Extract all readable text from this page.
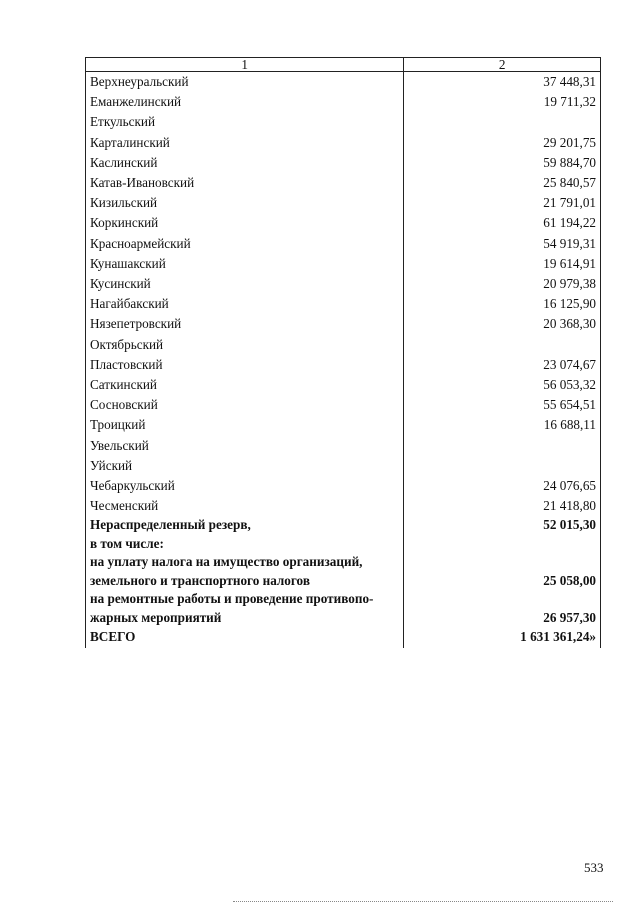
1	2
Верхнеуральский	37 448,31
Еманжелинский	19 711,32
Еткульский	
Карталинский	29 201,75
Каслинский	59 884,70
Катав-Ивановский	25 840,57
Кизильский	21 791,01
Коркинский	61 194,22
Красноармейский	54 919,31
Кунашакский	19 614,91
Кусинский	20 979,38
Нагайбакский	16 125,90
Нязепетровский	20 368,30
Октябрьский	
Пластовский	23 074,67
Саткинский	56 053,32
Сосновский	55 654,51
Троицкий	16 688,11
Увельский	
Уйский	
Чебаркульский	24 076,65
Чесменский	21 418,80
Нераспределенный резерв,	52 015,30
в том числе:	
на уплату налога на имущество организаций,	
земельного и транспортного налогов	25 058,00
на ремонтные работы и проведение противопо-	
жарных мероприятий	26 957,30
ВСЕГО	1 631 361,24»
533
